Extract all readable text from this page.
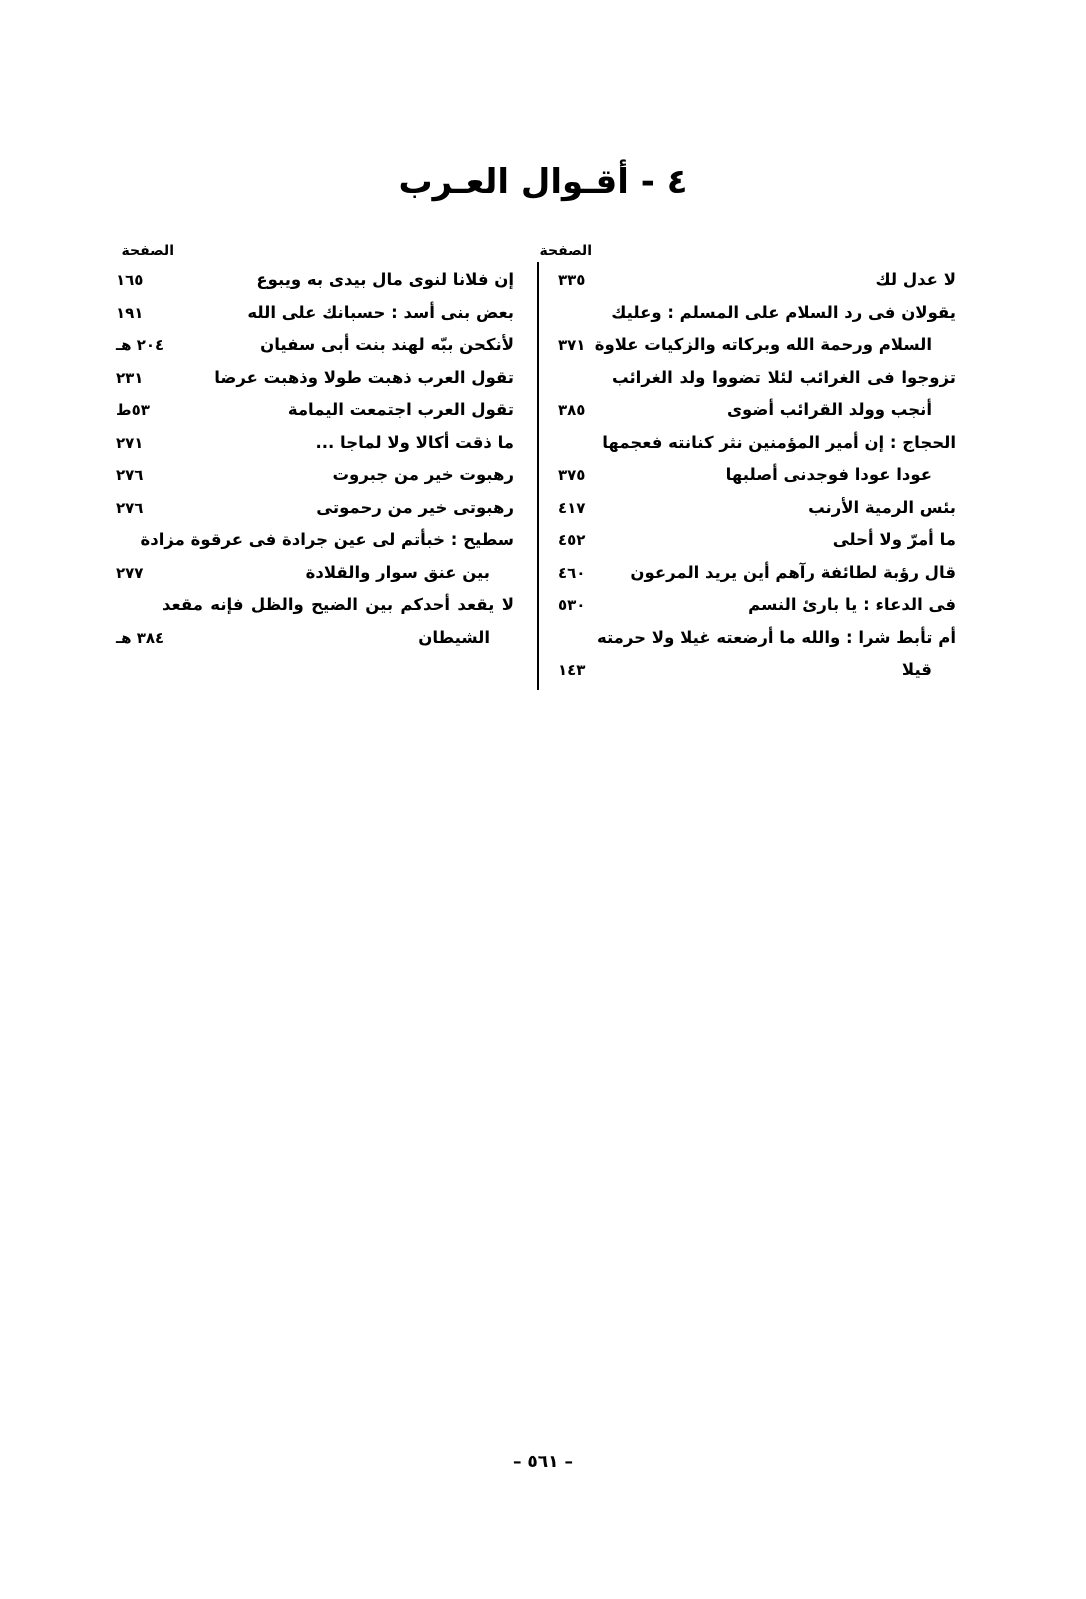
٤ - أقـوال العـرب
الصفحة
لا عدل لك
٣٣٥
يقولان فى رد السلام على المسلم : وعليك
السلام ورحمة الله وبركاته والزكيات علاوة
٣٧١
تزوجوا فى الغرائب لئلا تضووا ولد الغرائب
أنجب وولد القرائب أضوى
٣٨٥
الحجاج : إن أمير المؤمنين نثر كنانته فعجمها
عودا عودا فوجدنى أصلبها
٣٧٥
بئس الرمية الأرنب
٤١٧
ما أمرّ ولا أحلى
٤٥٢
قال رؤبة لطائفة رآهم أين يريد المرعون
٤٦٠
فى الدعاء : يا بارئ النسم
٥٣٠
أم تأبط شرا : والله ما أرضعته غيلا ولا حرمته
قيلا
١٤٣
الصفحة
إن فلانا لنوى مال بيدى به ويبوع
١٦٥
بعض بنى أسد : حسبانك على الله
١٩١
لأنكحن ببّه لهند بنت أبى سفيان
٢٠٤ هـ
تقول العرب ذهبت طولا وذهبت عرضا
٢٣١
تقول العرب اجتمعت اليمامة
٥٣ط
ما ذقت أكالا ولا لماجا ...
٢٧١
رهبوت خير من جبروت
٢٧٦
رهبوتى خير من رحموتى
٢٧٦
سطيح : خبأتم لى عين جرادة فى عرقوة مزادة
بين عنق سوار والقلادة
٢٧٧
لا يقعد أحدكم بين الضيح والظل فإنه مقعد
الشيطان
٣٨٤ هـ
– ٥٦١ –
